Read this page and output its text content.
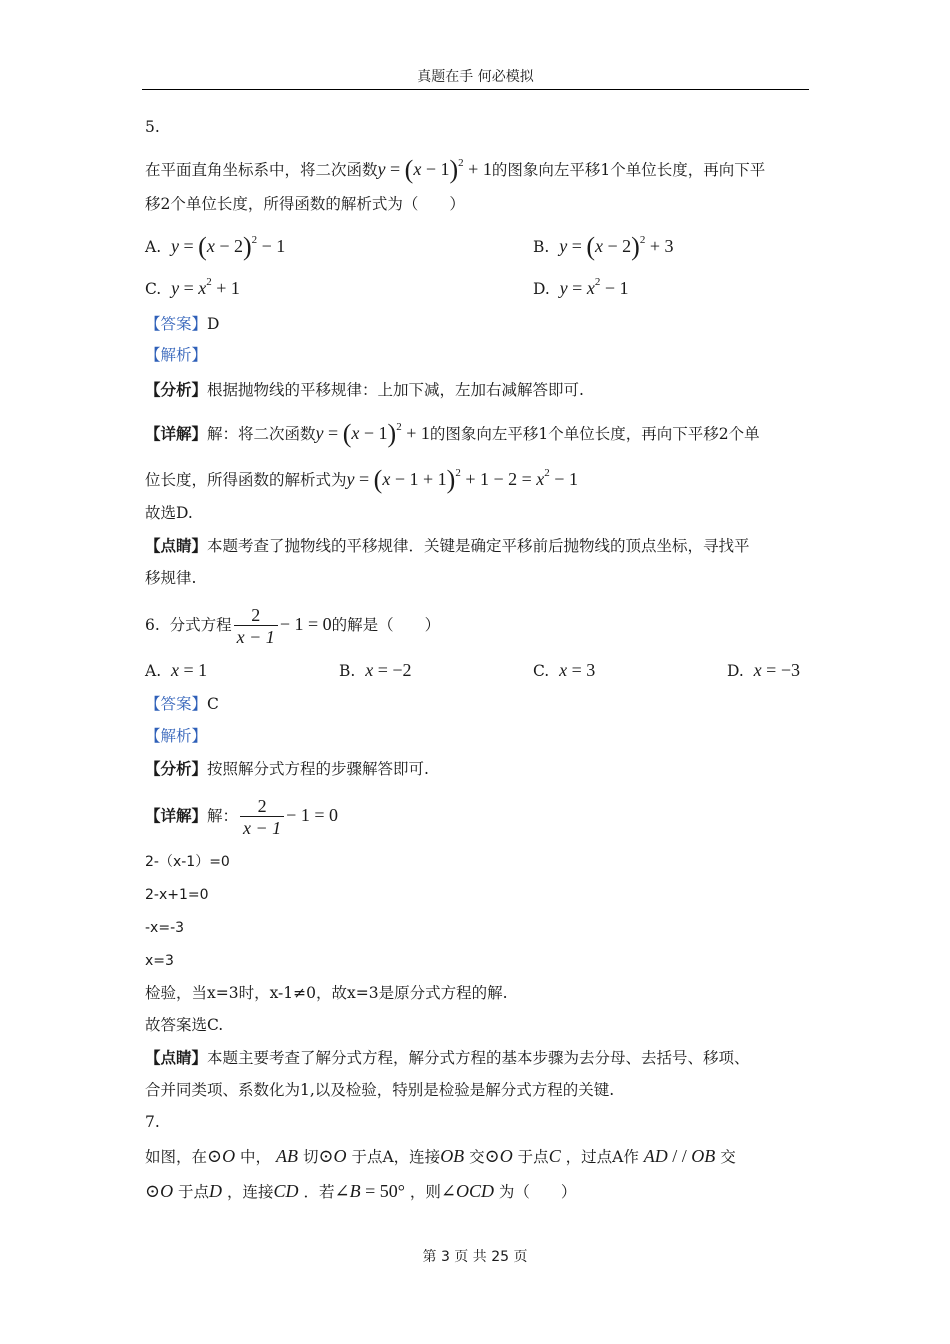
真题在手 何必模拟
5.
在平面直角坐标系中，将二次函数$y = (x - 1)^2 + 1$的图象向左平移1个单位长度，再向下平
移2个单位长度，所得函数的解析式为（　　）
A. $y = (x - 2)^2 - 1$	B. $y = (x - 2)^2 + 3$
C. $y = x^2 + 1$	D. $y = x^2 - 1$
【答案】D
【解析】
【分析】根据抛物线的平移规律：上加下减，左加右减解答即可.
【详解】解：将二次函数$y = (x - 1)^2 + 1$的图象向左平移1个单位长度，再向下平移2个单
位长度，所得函数的解析式为$y = (x - 1 + 1)^2 + 1 - 2 = x^2 - 1$
故选D.
【点睛】本题考查了抛物线的平移规律．关键是确定平移前后抛物线的顶点坐标，寻找平
移规律.
6. 分式方程 $\frac{2}{x - 1} - 1 = 0$的解是（　　）
A. x = 1	B. x = −2	C. x = 3	D. x = −3
【答案】C
【解析】
【分析】按照解分式方程的步骤解答即可.
【详解】解： $\frac{2}{x - 1} - 1 = 0$
2-（x-1）=0
2-x+1=0
-x=-3
x=3
检验，当x=3时，x-1≠0，故x=3是原分式方程的解.
故答案选C.
【点睛】本题主要考查了解分式方程，解分式方程的基本步骤为去分母、去括号、移项、
合并同类项、系数化为1,以及检验，特别是检验是解分式方程的关键.
7.
如图，在⊙O 中， AB 切⊙O 于点A，连接OB 交⊙O 于点C ，过点A作 AD / / OB 交
⊙O 于点D ，连接CD ．若∠B = 50° ，则∠OCD 为（　　）
第 3 页 共 25 页
